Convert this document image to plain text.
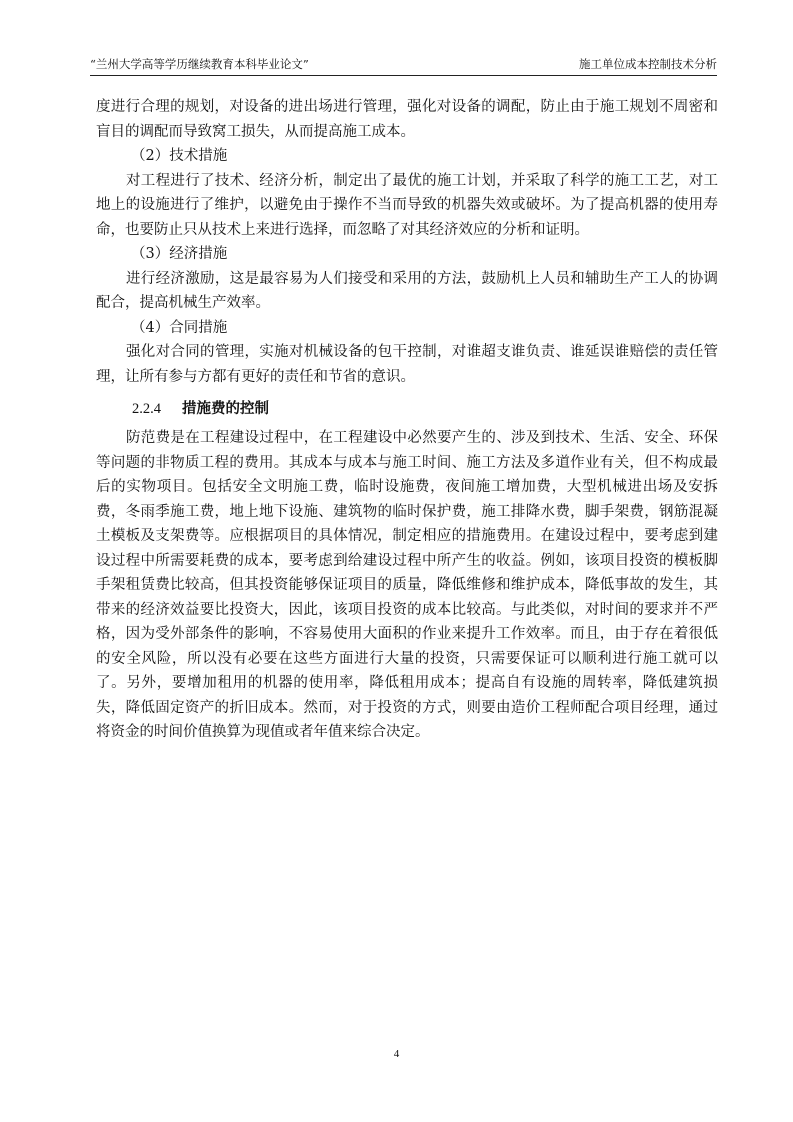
“兰州大学高等学历继续教育本科毕业论文”	施工单位成本控制技术分析

度进行合理的规划，对设备的进出场进行管理，强化对设备的调配，防止由于施工规划不周密和盲目的调配而导致窝工损失，从而提高施工成本。

（2）技术措施

对工程进行了技术、经济分析，制定出了最优的施工计划，并采取了科学的施工工艺，对工地上的设施进行了维护，以避免由于操作不当而导致的机器失效或破坏。为了提高机器的使用寿命，也要防止只从技术上来进行选择，而忽略了对其经济效应的分析和证明。

（3）经济措施

进行经济激励，这是最容易为人们接受和采用的方法，鼓励机上人员和辅助生产工人的协调配合，提高机械生产效率。

（4）合同措施

强化对合同的管理，实施对机械设备的包干控制，对谁超支谁负责、谁延误谁赔偿的责任管理，让所有参与方都有更好的责任和节省的意识。

2.2.4 措施费的控制

防范费是在工程建设过程中，在工程建设中必然要产生的、涉及到技术、生活、安全、环保等问题的非物质工程的费用。其成本与成本与施工时间、施工方法及多道作业有关，但不构成最后的实物项目。包括安全文明施工费，临时设施费，夜间施工增加费，大型机械进出场及安拆费，冬雨季施工费，地上地下设施、建筑物的临时保护费，施工排降水费，脚手架费，钢筋混凝土模板及支架费等。应根据项目的具体情况，制定相应的措施费用。在建设过程中，要考虑到建设过程中所需要耗费的成本，要考虑到给建设过程中所产生的收益。例如，该项目投资的模板脚手架租赁费比较高，但其投资能够保证项目的质量，降低维修和维护成本，降低事故的发生，其带来的经济效益要比投资大，因此，该项目投资的成本比较高。与此类似，对时间的要求并不严格，因为受外部条件的影响，不容易使用大面积的作业来提升工作效率。而且，由于存在着很低的安全风险，所以没有必要在这些方面进行大量的投资，只需要保证可以顺利进行施工就可以了。另外，要增加租用的机器的使用率，降低租用成本；提高自有设施的周转率，降低建筑损失，降低固定资产的折旧成本。然而，对于投资的方式，则要由造价工程师配合项目经理，通过将资金的时间价值换算为现值或者年值来综合决定。

4
